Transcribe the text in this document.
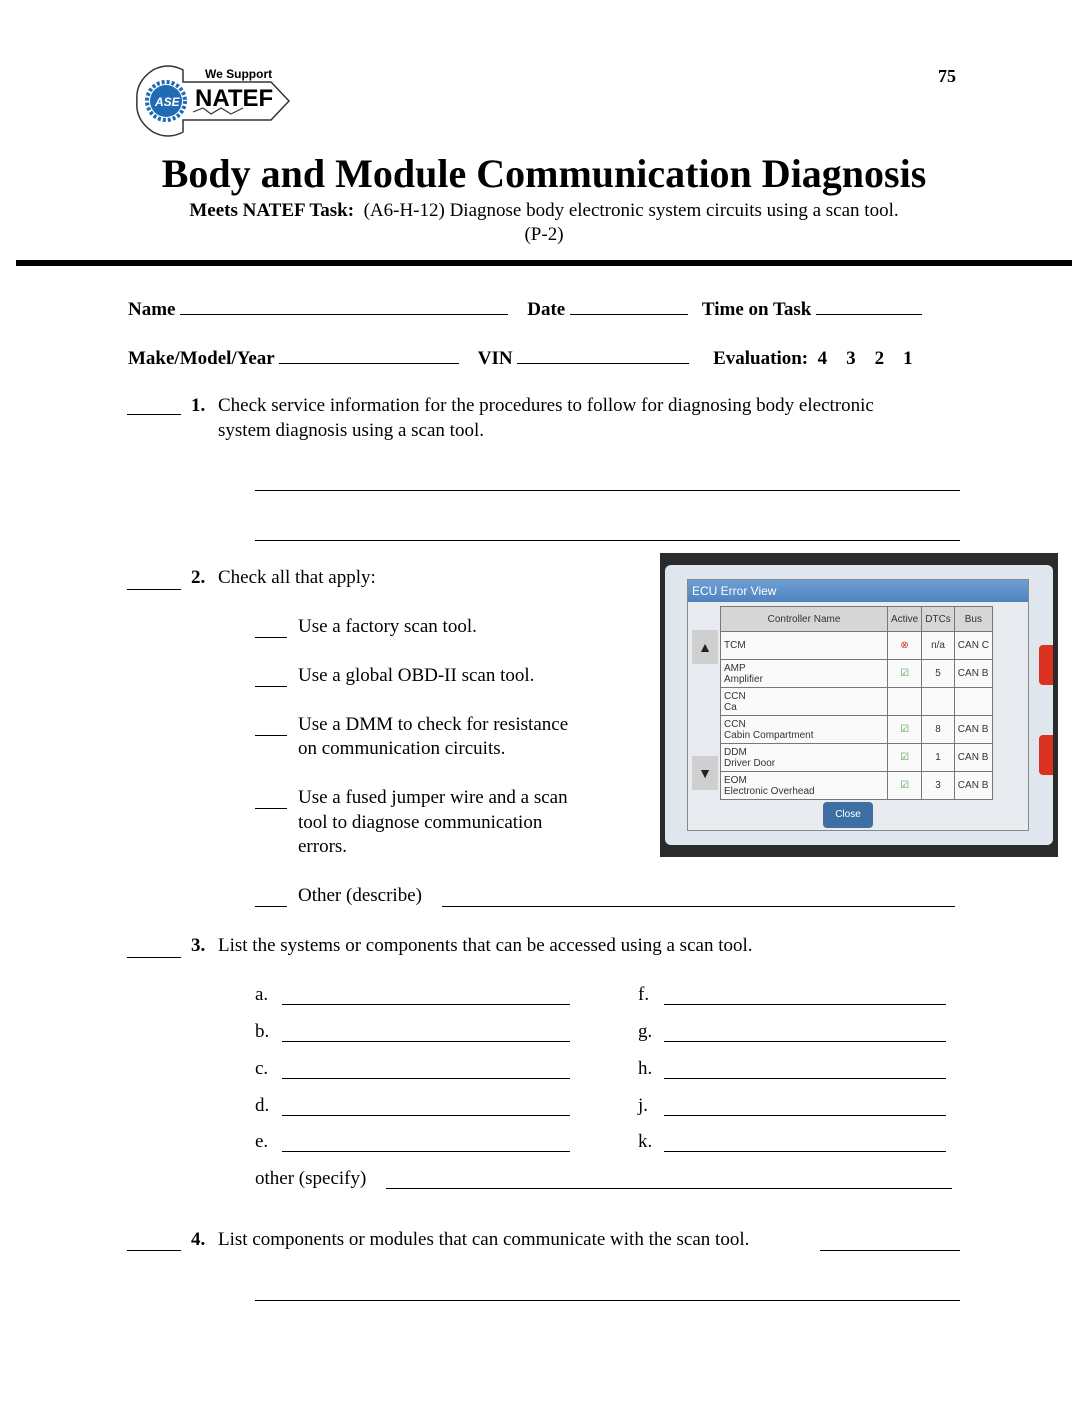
75
ASE
We Support
NATEF
Body and Module Communication Diagnosis
Meets NATEF Task: (A6-H-12) Diagnose body electronic system circuits using a scan tool.
(P-2)
Name	Date	Time on Task
Make/Model/Year	VIN	Evaluation: 4 3 2 1
1. Check service information for the procedures to follow for diagnosing body electronic
system diagnosis using a scan tool.
2. Check all that apply:
Use a factory scan tool.
Use a global OBD-II scan tool.
Use a DMM to check for resistance
on communication circuits.
Use a fused jumper wire and a scan
tool to diagnose communication
errors.
Other (describe)
ECU Error View
▲
▼
Controller Name	Active	DTCs	Bus

TCM	⊗	n/a	CAN C

AMP
Amplifier	☑	5	CAN B

CCN
Ca			

CCN
Cabin Compartment	☑	8	CAN B

DDM
Driver Door	☑	1	CAN B

EOM
Electronic Overhead	☑	3	CAN B
Close
3. List the systems or components that can be accessed using a scan tool.
a.	f.
b.	g.
c.	h.
d.	j.
e.	k.
other (specify)
4. List components or modules that can communicate with the scan tool.
